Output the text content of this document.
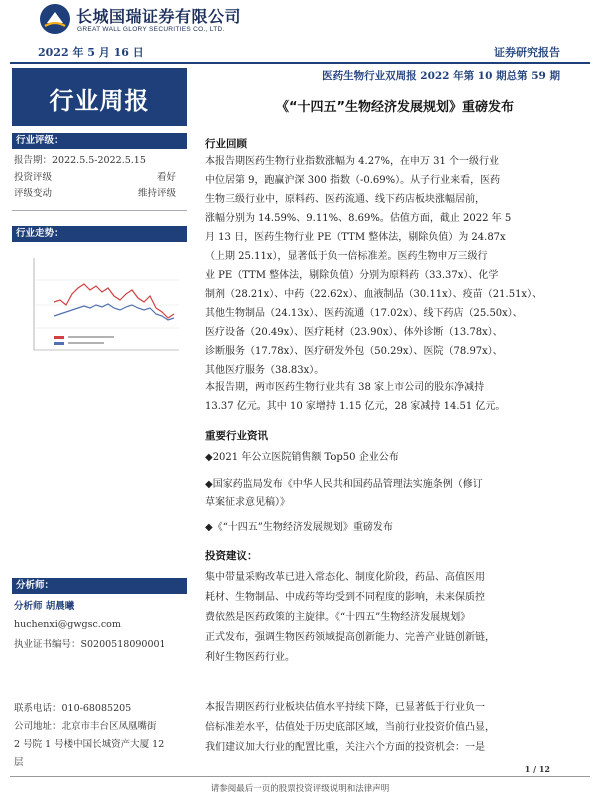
长城国瑞证券有限公司
GREAT WALL GLORY SECURITIES CO., LTD.
2022 年 5 月 16 日	证券研究报告
医药生物行业双周报 2022 年第 10 期总第 59 期
行业周报
行业评级：
报告期：2022.5.5-2022.5.15
投资评级	看好
评级变动	维持评级
行业走势：
分析师：
分析师 胡晨曦
huchenxi@gwgsc.com
执业证书编号：S0200518090001
联系电话：010-68085205
公司地址：北京市丰台区凤凰嘴街
2 号院 1 号楼中国长城资产大厦 12
层
《“十四五”生物经济发展规划》重磅发布
行业回顾
本报告期医药生物行业指数涨幅为 4.27%，在申万 31 个一级行业
中位居第 9，跑赢沪深 300 指数（-0.69%）。从子行业来看，医药
生物三级行业中，原料药、医药流通、线下药店板块涨幅居前，
涨幅分别为 14.59%、9.11%、8.69%。估值方面，截止 2022 年 5
月 13 日，医药生物行业 PE（TTM 整体法，剔除负值）为 24.87x
（上期 25.11x），显著低于负一倍标准差。医药生物申万三级行
业 PE（TTM 整体法，剔除负值）分别为原料药（33.37x）、化学
制剂（28.21x）、中药（22.62x）、血液制品（30.11x）、疫苗（21.51x）、
其他生物制品（24.13x）、医药流通（17.02x）、线下药店（25.50x）、
医疗设备（20.49x）、医疗耗材（23.90x）、体外诊断（13.78x）、
诊断服务（17.78x）、医疗研发外包（50.29x）、医院（78.97x）、
其他医疗服务（38.83x）。
本报告期，两市医药生物行业共有 38 家上市公司的股东净减持
13.37 亿元。其中 10 家增持 1.15 亿元，28 家减持 14.51 亿元。
重要行业资讯
◆2021 年公立医院销售额 Top50 企业公布
◆国家药监局发布《中华人民共和国药品管理法实施条例（修订
草案征求意见稿）》
◆《“十四五”生物经济发展规划》重磅发布
投资建议：
集中带量采购改革已进入常态化、制度化阶段，药品、高值医用
耗材、生物制品、中成药等均受到不同程度的影响，未来保质控
费依然是医药政策的主旋律。《“十四五”生物经济发展规划》
正式发布，强调生物医药领域提高创新能力、完善产业链创新链，
利好生物医药行业。
本报告期医药行业板块估值水平持续下降，已显著低于行业负一
倍标准差水平，估值处于历史底部区域，当前行业投资价值凸显，
我们建议加大行业的配置比重，关注六个方面的投资机会：一是
1 / 12
请参阅最后一页的股票投资评级说明和法律声明
